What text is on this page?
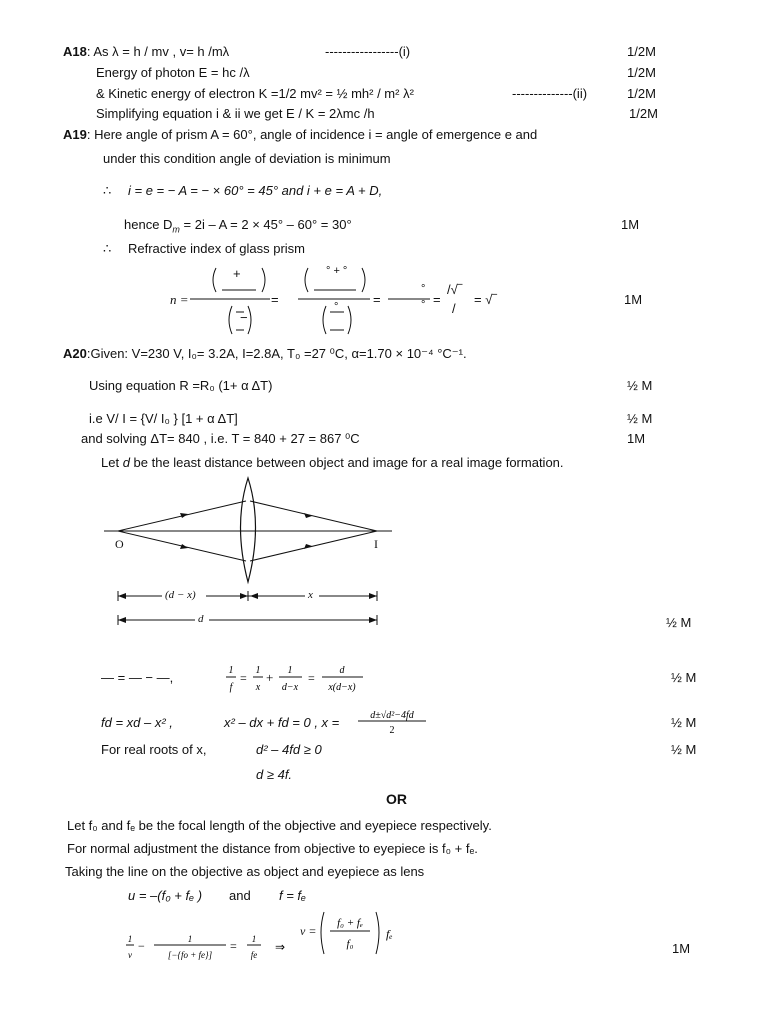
A18: As λ = h / mv , v= h /mλ	-----------------(i)	1/2M
Energy of photon E = hc /λ	1/2M
& Kinetic energy of electron K =1/2 mv² = ½ mh² / m² λ²	--------------(ii)	1/2M
Simplifying equation i & ii we get E / K = 2λmc /h	1/2M
A19: Here angle of prism A = 60°, angle of incidence i = angle of emergence e and
under this condition angle of deviation is minimum
∴ i = e = − A = − × 60° = 45° and i + e = A + D,
hence $D_m = 2i - A = 2 \times 45^\circ - 60^\circ = 30^\circ$	1M
∴ Refractive index of glass prism
n =
+
=
° + °
−
°	=
°
° =
/√‾
/
= √‾	1M
A20:Given: V=230 V, I₀= 3.2A, I=2.8A, T₀ =27 ⁰C, α=1.70 × 10⁻⁴ °C⁻¹.
Using equation R =R₀ (1+ α ΔT)	½ M
i.e V/ I = {V/ I₀ } [1 + α ΔT]	½ M
and solving ΔT= 840 , i.e. T = 840 + 27 = 867 ⁰C	1M
Let d be the least distance between object and image for a real image formation.
O	I
(d − x)	x
d	½ M
— = — − —,	1
f
=
1
x
+ 1
d−x
=
d
x(d−x)
½ M
fd = xd – x² ,	x² – dx + fd = 0 , x =	d±√d²−4fd
2
½ M
For real roots of x,	d² – 4fd ≥ 0	½ M
d ≥ 4f.
OR
Let f₀ and fₑ be the focal length of the objective and eyepiece respectively.
For normal adjustment the distance from objective to eyepiece is f₀ + fₑ.
Taking the line on the objective as object and eyepiece as lens
u = –(f₀ + fₑ ) and f = fₑ
1
v
−	1
[−{fo + fe}]
= 1
fe
⇒
v =
f₀ + fₑ
f₀
fₑ
1M
